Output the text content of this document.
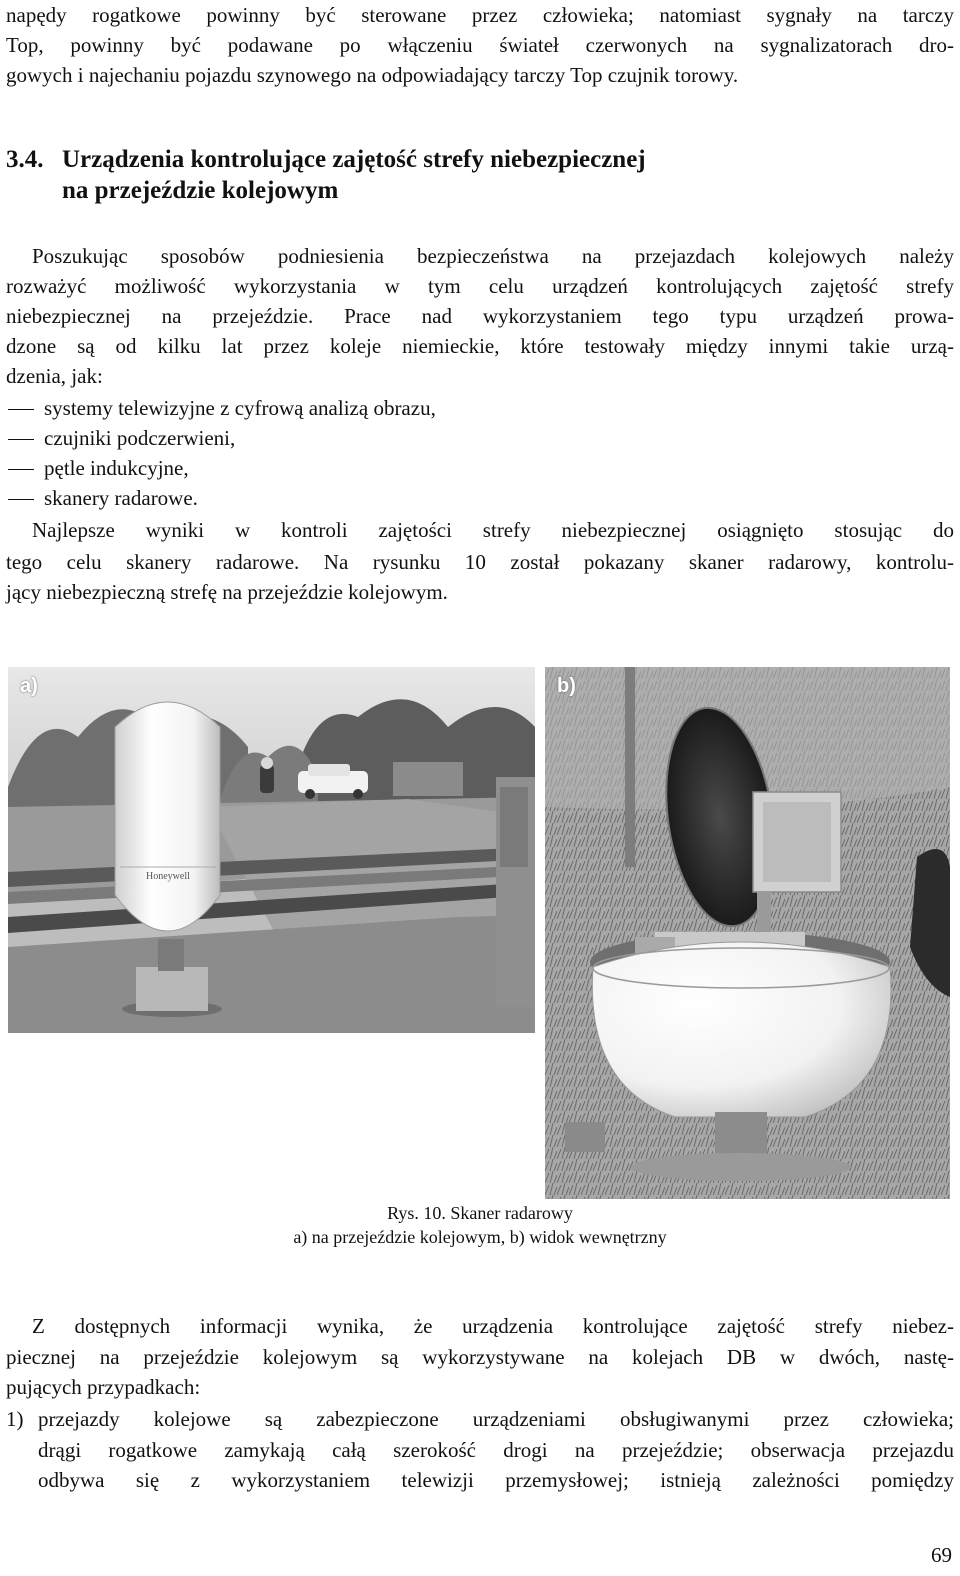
napędy rogatkowe powinny być sterowane przez człowieka; natomiast sygnały na tarczy
Top, powinny być podawane po włączeniu świateł czerwonych na sygnalizatorach dro-
gowych i najechaniu pojazdu szynowego na odpowiadający tarczy Top czujnik torowy.
3.4. Urządzenia kontrolujące zajętość strefy niebezpiecznej
na przejeździe kolejowym
Poszukując sposobów podniesienia bezpieczeństwa na przejazdach kolejowych należy
rozważyć możliwość wykorzystania w tym celu urządzeń kontrolujących zajętość strefy
niebezpiecznej na przejeździe. Prace nad wykorzystaniem tego typu urządzeń prowa-
dzone są od kilku lat przez koleje niemieckie, które testowały między innymi takie urzą-
dzenia, jak:
systemy telewizyjne z cyfrową analizą obrazu,
czujniki podczerwieni,
pętle indukcyjne,
skanery radarowe.
Najlepsze wyniki w kontroli zajętości strefy niebezpiecznej osiągnięto stosując do
tego celu skanery radarowe. Na rysunku 10 został pokazany skaner radarowy, kontrolu-
jący niebezpieczną strefę na przejeździe kolejowym.
Honeywell
a)	b)
Rys. 10. Skaner radarowy
a) na przejeździe kolejowym, b) widok wewnętrzny
Z dostępnych informacji wynika, że urządzenia kontrolujące zajętość strefy niebez-
piecznej na przejeździe kolejowym są wykorzystywane na kolejach DB w dwóch, nastę-
pujących przypadkach:
1) przejazdy kolejowe są zabezpieczone urządzeniami obsługiwanymi przez człowieka;
drągi rogatkowe zamykają całą szerokość drogi na przejeździe; obserwacja przejazdu
odbywa się z wykorzystaniem telewizji przemysłowej; istnieją zależności pomiędzy
69
